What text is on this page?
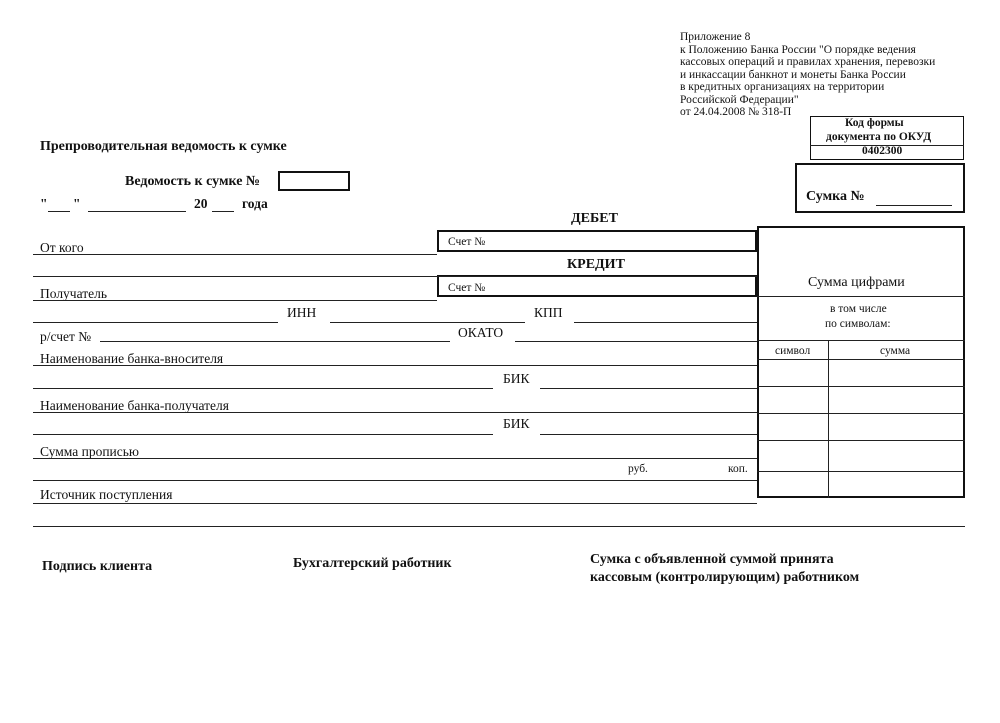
Приложение 8
к Положению Банка России "О порядке ведения
кассовых операций и правилах хранения, перевозки
и инкассации банкнот и монеты Банка России
в кредитных организациях на территории
Российской Федерации"
от 24.04.2008 № 318-П
Код формы
документа по ОКУД
0402300
Препроводительная ведомость к сумке
Ведомость к сумке №
" "	20	года	Сумка №
ДЕБЕТ
КРЕДИТ
Счет №
Счет №	Сумма цифрами
в том числе
по символам:
символ	сумма
От кого
Получатель
ИНН	КПП
р/счет №	ОКАТО
Наименование банка-вносителя
БИК
Наименование банка-получателя
БИК
Сумма прописью
руб.	коп.
Источник поступления
Подпись клиента	Бухгалтерский работник	Сумка с объявленной суммой принята
кассовым (контролирующим) работником
